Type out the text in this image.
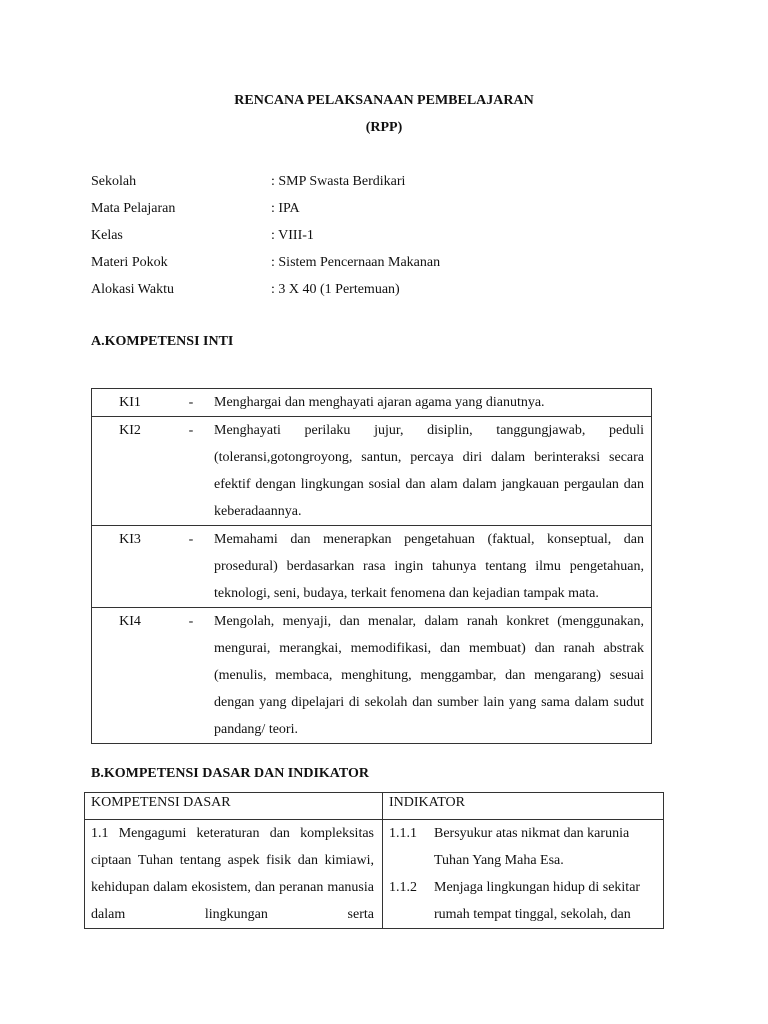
RENCANA PELAKSANAAN PEMBELAJARAN
(RPP)
Sekolah	: SMP Swasta Berdikari
Mata Pelajaran	: IPA
Kelas	: VIII-1
Materi Pokok	: Sistem Pencernaan Makanan
Alokasi Waktu	: 3 X 40 (1 Pertemuan)
A.KOMPETENSI INTI
KI1	-	Menghargai dan menghayati ajaran agama yang dianutnya.

KI2	-	Menghayati perilaku jujur, disiplin, tanggungjawab, peduli (toleransi,gotongroyong, santun, percaya diri dalam berinteraksi secara efektif dengan lingkungan sosial dan alam dalam jangkauan pergaulan dan keberadaannya.

KI3	-	Memahami dan menerapkan pengetahuan (faktual, konseptual, dan prosedural) berdasarkan rasa ingin tahunya tentang ilmu pengetahuan, teknologi, seni, budaya, terkait fenomena dan kejadian tampak mata.

KI4	-	Mengolah, menyaji, dan menalar, dalam ranah konkret (menggunakan, mengurai, merangkai, memodifikasi, dan membuat) dan ranah abstrak (menulis, membaca, menghitung, menggambar, dan mengarang) sesuai dengan yang dipelajari di sekolah dan sumber lain yang sama dalam sudut pandang/ teori.
B.KOMPETENSI DASAR DAN INDIKATOR
KOMPETENSI DASAR	INDIKATOR

1.1 Mengagumi keteraturan dan kompleksitas ciptaan Tuhan tentang aspek fisik dan kimiawi, kehidupan dalam ekosistem, dan peranan manusia dalam lingkungan serta	1.1.1 Bersyukur atas nikmat dan karunia Tuhan Yang Maha Esa.
1.1.2 Menjaga lingkungan hidup di sekitar rumah tempat tinggal, sekolah, dan
